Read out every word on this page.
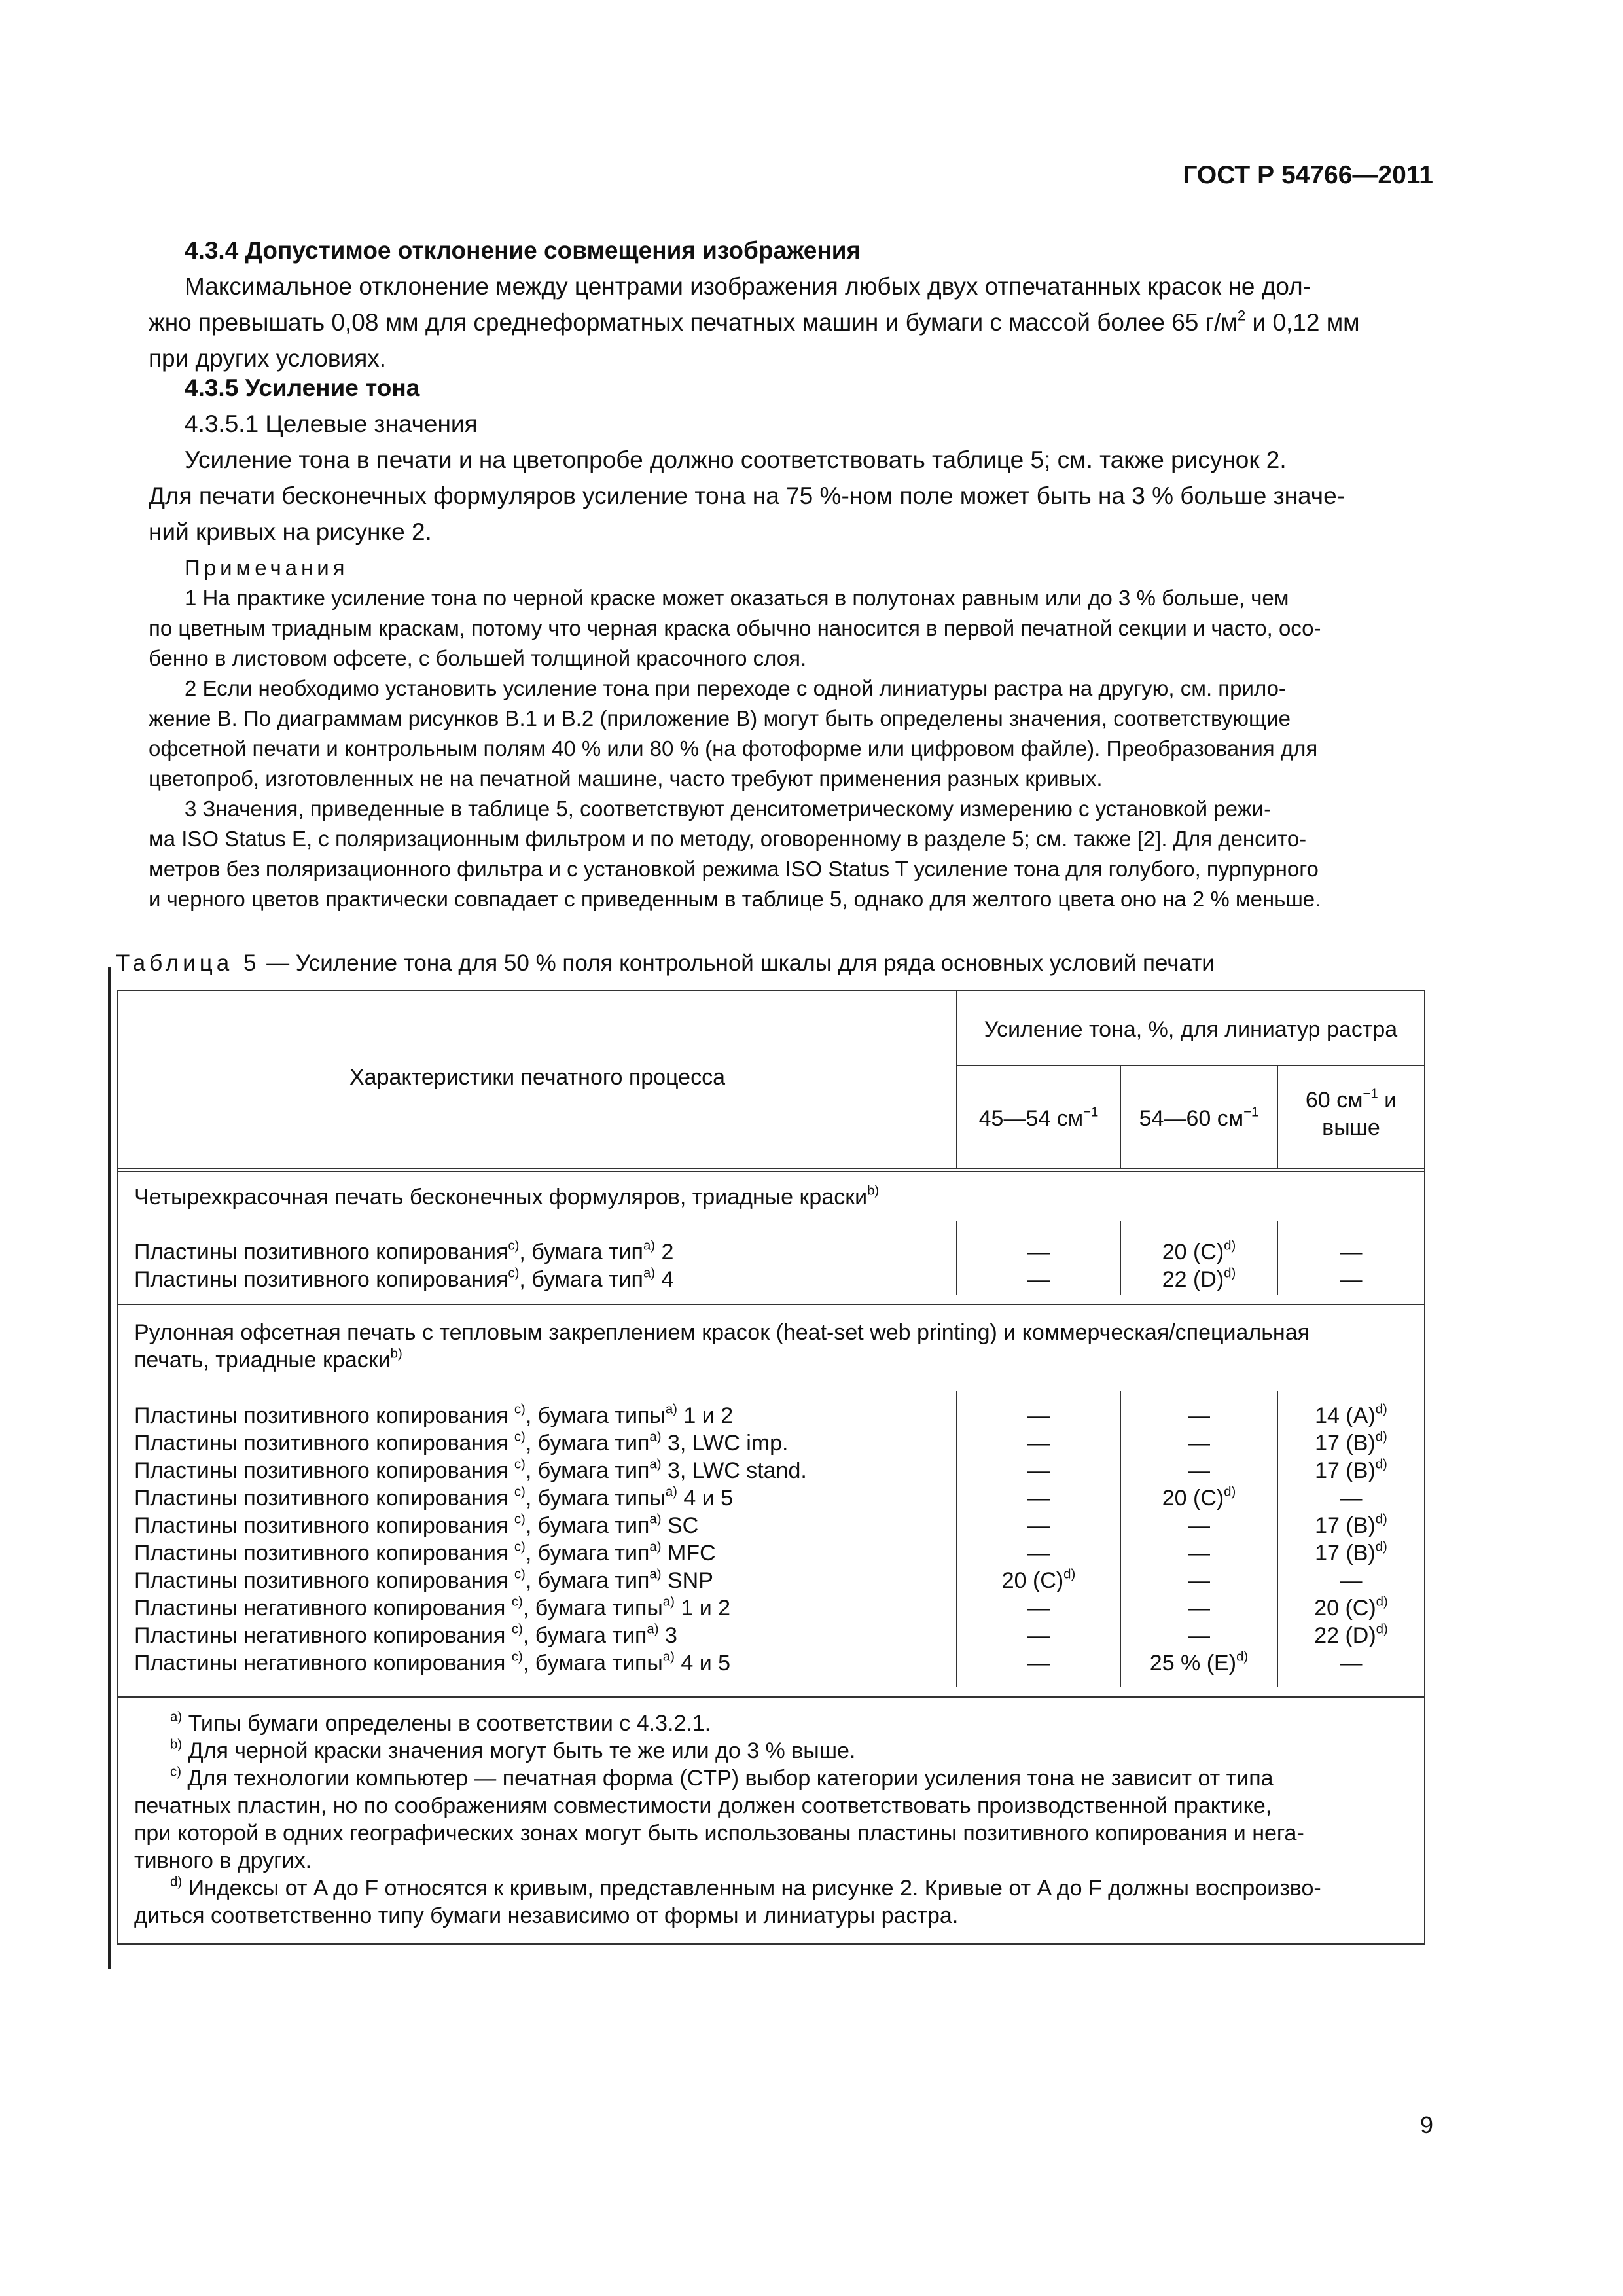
ГОСТ Р 54766—2011
4.3.4 Допустимое отклонение совмещения изображения
Максимальное отклонение между центрами изображения любых двух отпечатанных красок не дол-
жно превышать 0,08 мм для среднеформатных печатных машин и бумаги с массой более 65 $г/м^2$ и 0,12 мм
при других условиях.
4.3.5 Усиление тона
4.3.5.1 Целевые значения
Усиление тона в печати и на цветопробе должно соответствовать таблице 5; см. также рисунок 2.
Для печати бесконечных формуляров усиление тона на 75 %-ном поле может быть на 3 % больше значе-
ний кривых на рисунке 2.
Примечания
1 На практике усиление тона по черной краске может оказаться в полутонах равным или до 3 % больше, чем
по цветным триадным краскам, потому что черная краска обычно наносится в первой печатной секции и часто, осо-
бенно в листовом офсете, с большей толщиной красочного слоя.
2 Если необходимо установить усиление тона при переходе с одной линиатуры растра на другую, см. прило-
жение В. По диаграммам рисунков В.1 и В.2 (приложение В) могут быть определены значения, соответствующие
офсетной печати и контрольным полям 40 % или 80 % (на фотоформе или цифровом файле). Преобразования для
цветопроб, изготовленных не на печатной машине, часто требуют применения разных кривых.
3 Значения, приведенные в таблице 5, соответствуют денситометрическому измерению с установкой режи-
ма ISO Status E, с поляризационным фильтром и по методу, оговоренному в разделе 5; см. также [2]. Для денсито-
метров без поляризационного фильтра и с установкой режима ISO Status T усиление тона для голубого, пурпурного
и черного цветов практически совпадает с приведенным в таблице 5, однако для желтого цвета оно на 2 % меньше.
Таблица 5 — Усиление тона для 50 % поля контрольной шкалы для ряда основных условий печати
Характеристики печатного процесса
Усиление тона, %, для линиатур растра
45—54 $см^{-1}$	54—60 $см^{-1}$	60 $см^{-1}$ и
выше
Четырехкрасочная печать бесконечных формуляров, триадные краски$^{b)}$
Пластины позитивного копирования$^{c)}$, бумага тип$^{a)}$ 2	—	20 $(C)^{d)}$	—
Пластины позитивного копирования$^{c)}$, бумага тип$^{a)}$ 4	—	22 $(D)^{d)}$	—
Рулонная офсетная печать с тепловым закреплением красок (heat-set web printing) и коммерческая/специальная
печать, триадные краски$^{b)}$
Пластины позитивного копирования $^{c)}$, бумага типы$^{a)}$ 1 и 2	—	—	14 $(A)^{d)}$
Пластины позитивного копирования $^{c)}$, бумага тип$^{a)}$ 3, LWC imp.	—	—	17 $(B)^{d)}$
Пластины позитивного копирования $^{c)}$, бумага тип$^{a)}$ 3, LWC stand.	—	—	17 $(B)^{d)}$
Пластины позитивного копирования $^{c)}$, бумага типы$^{a)}$ 4 и 5	—	20 $(C)^{d)}$	—
Пластины позитивного копирования $^{c)}$, бумага тип$^{a)}$ SC	—	—	17 $(B)^{d)}$
Пластины позитивного копирования $^{c)}$, бумага тип$^{a)}$ MFC	—	—	17 $(B)^{d)}$
Пластины позитивного копирования $^{c)}$, бумага тип$^{a)}$ SNP	20 $(C)^{d)}$	—	—
Пластины негативного копирования $^{c)}$, бумага типы$^{a)}$ 1 и 2	—	—	20 $(C)^{d)}$
Пластины негативного копирования $^{c)}$, бумага тип$^{a)}$ 3	—	—	22 $(D)^{d)}$
Пластины негативного копирования $^{c)}$, бумага типы$^{a)}$ 4 и 5	—	25 % $(E)^{d)}$	—
$^{a)}$ Типы бумаги определены в соответствии с 4.3.2.1.
$^{b)}$ Для черной краски значения могут быть те же или до 3 % выше.
$^{c)}$ Для технологии компьютер — печатная форма (CTP) выбор категории усиления тона не зависит от типа
печатных пластин, но по соображениям совместимости должен соответствовать производственной практике,
при которой в одних географических зонах могут быть использованы пластины позитивного копирования и нега-
тивного в других.
$^{d)}$ Индексы от A до F относятся к кривым, представленным на рисунке 2. Кривые от A до F должны воспроизво-
диться соответственно типу бумаги независимо от формы и линиатуры растра.
9
